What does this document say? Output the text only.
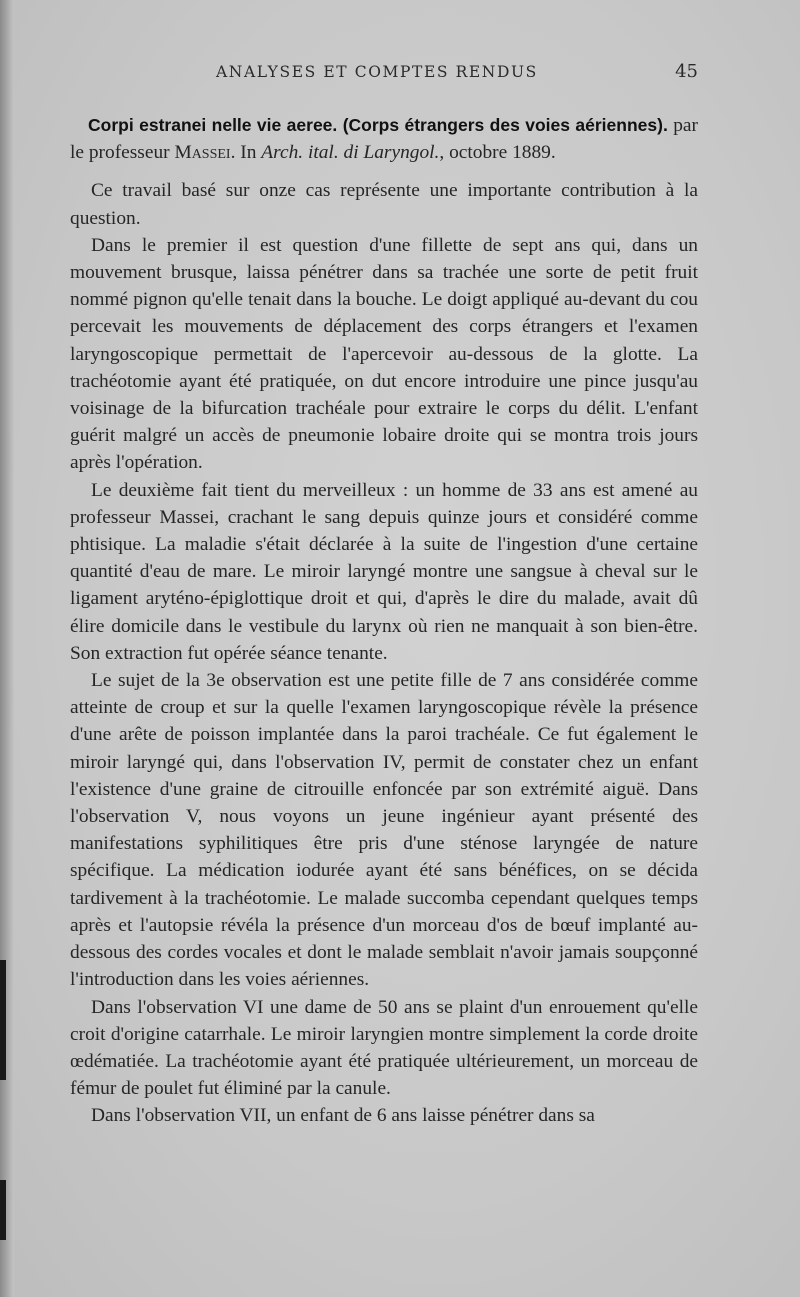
ANALYSES ET COMPTES RENDUS	45

Corpi estranei nelle vie aeree. (Corps étrangers des voies aériennes). par le professeur Massei. In Arch. ital. di Laryngol., octobre 1889.

Ce travail basé sur onze cas représente une importante contribution à la question.

Dans le premier il est question d'une fillette de sept ans qui, dans un mouvement brusque, laissa pénétrer dans sa trachée une sorte de petit fruit nommé pignon qu'elle tenait dans la bouche. Le doigt appliqué au-devant du cou percevait les mouvements de déplacement des corps étrangers et l'examen laryngoscopique permettait de l'apercevoir au-dessous de la glotte. La trachéotomie ayant été pratiquée, on dut encore introduire une pince jusqu'au voisinage de la bifurcation trachéale pour extraire le corps du délit. L'enfant guérit malgré un accès de pneumonie lobaire droite qui se montra trois jours après l'opération.

Le deuxième fait tient du merveilleux : un homme de 33 ans est amené au professeur Massei, crachant le sang depuis quinze jours et considéré comme phtisique. La maladie s'était déclarée à la suite de l'ingestion d'une certaine quantité d'eau de mare. Le miroir laryngé montre une sangsue à cheval sur le ligament aryténo-épiglottique droit et qui, d'après le dire du malade, avait dû élire domicile dans le vestibule du larynx où rien ne manquait à son bien-être. Son extraction fut opérée séance tenante.

Le sujet de la 3e observation est une petite fille de 7 ans considérée comme atteinte de croup et sur la quelle l'examen laryngoscopique révèle la présence d'une arête de poisson implantée dans la paroi trachéale. Ce fut également le miroir laryngé qui, dans l'observation IV, permit de constater chez un enfant l'existence d'une graine de citrouille enfoncée par son extrémité aiguë. Dans l'observation V, nous voyons un jeune ingénieur ayant présenté des manifestations syphilitiques être pris d'une sténose laryngée de nature spécifique. La médication iodurée ayant été sans bénéfices, on se décida tardivement à la trachéotomie. Le malade succomba cependant quelques temps après et l'autopsie révéla la présence d'un morceau d'os de bœuf implanté au-dessous des cordes vocales et dont le malade semblait n'avoir jamais soupçonné l'introduction dans les voies aériennes.

Dans l'observation VI une dame de 50 ans se plaint d'un enrouement qu'elle croit d'origine catarrhale. Le miroir laryngien montre simplement la corde droite œdématiée. La trachéotomie ayant été pratiquée ultérieurement, un morceau de fémur de poulet fut éliminé par la canule.

Dans l'observation VII, un enfant de 6 ans laisse pénétrer dans sa
